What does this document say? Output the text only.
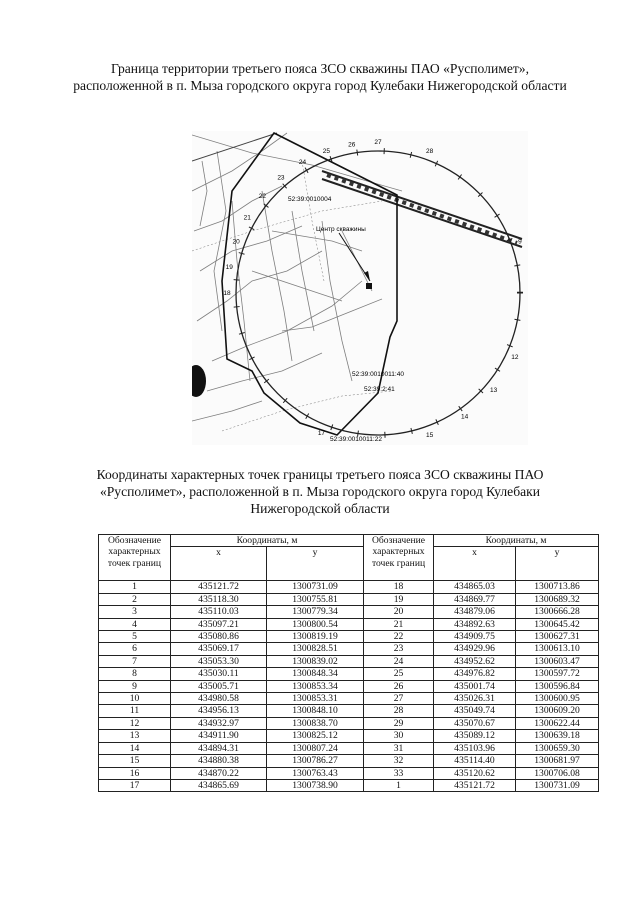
Граница территории третьего пояса ЗСО скважины ПАО «Русполимет», расположенной в п. Мыза городского округа город Кулебаки Нижегородской области
52:39:0010004
Центр скважины
52:39:0010011:40
52:39:2:41
52:39:0010011:22
9
12
13
14
15
17
18
19
20
21
22
23
24
25
26	27
28
Координаты характерных точек границы третьего пояса ЗСО скважины ПАО «Русполимет», расположенной в п. Мыза городского округа город Кулебаки Нижегородской области
Обозначение характерных точек границ	Координаты, м		Обозначение характерных точек границ	Координаты, м	
	х	у		х	у
1	435121.72	1300731.09	18	434865.03	1300713.86
2	435118.30	1300755.81	19	434869.77	1300689.32
3	435110.03	1300779.34	20	434879.06	1300666.28
4	435097.21	1300800.54	21	434892.63	1300645.42
5	435080.86	1300819.19	22	434909.75	1300627.31
6	435069.17	1300828.51	23	434929.96	1300613.10
7	435053.30	1300839.02	24	434952.62	1300603.47
8	435030.11	1300848.34	25	434976.82	1300597.72
9	435005.71	1300853.34	26	435001.74	1300596.84
10	434980.58	1300853.31	27	435026.31	1300600.95
11	434956.13	1300848.10	28	435049.74	1300609.20
12	434932.97	1300838.70	29	435070.67	1300622.44
13	434911.90	1300825.12	30	435089.12	1300639.18
14	434894.31	1300807.24	31	435103.96	1300659.30
15	434880.38	1300786.27	32	435114.40	1300681.97
16	434870.22	1300763.43	33	435120.62	1300706.08
17	434865.69	1300738.90	1	435121.72	1300731.09
